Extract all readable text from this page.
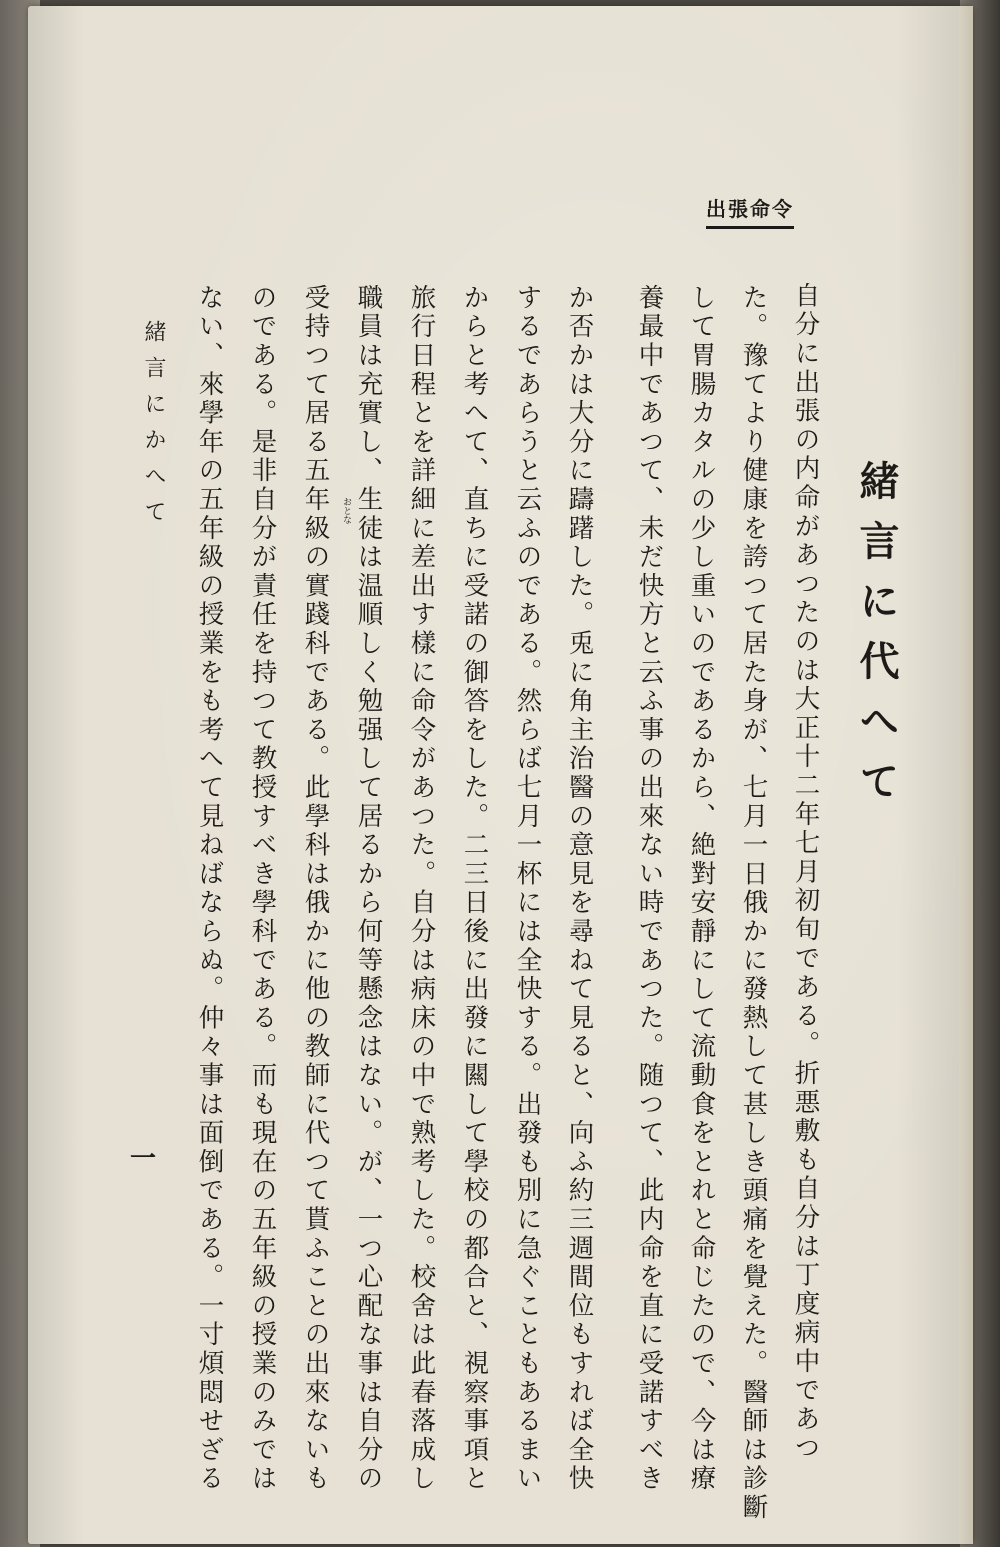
緒言に代へて
出張命令
自分に出張の内命があつたのは大正十二年七月初旬である。折悪敷も自分は丁度病中であつ
た。豫てより健康を誇つて居た身が、七月一日俄かに發熱して甚しき頭痛を覺えた。醫師は診斷
して胃腸カタルの少し重いのであるから、絶對安靜にして流動食をとれと命じたので、今は療
養最中であつて、未だ快方と云ふ事の出來ない時であつた。随つて、此内命を直に受諾すべき
か否かは大分に躊躇した。兎に角主治醫の意見を尋ねて見ると、向ふ約三週間位もすれば全快
するであらうと云ふのである。然らば七月一杯には全快する。出發も別に急ぐこともあるまい
からと考へて、直ちに受諾の御答をした。二三日後に出發に闗して學校の都合と、視察事項と
旅行日程とを詳細に差出す樣に命令があつた。自分は病床の中で熟考した。校舍は此春落成し
職員は充實し、生徒は温順しく勉强して居るから何等懸念はない。が、一つ心配な事は自分の
受持つて居る五年級の實踐科である。此學科は俄かに他の教師に代つて貰ふことの出來ないも
のである。是非自分が責任を持つて教授すべき學科である。而も現在の五年級の授業のみでは
ない、來學年の五年級の授業をも考へて見ねばならぬ。仲々事は面倒である。一寸煩悶せざる	おとな
緒言にかへて
一
